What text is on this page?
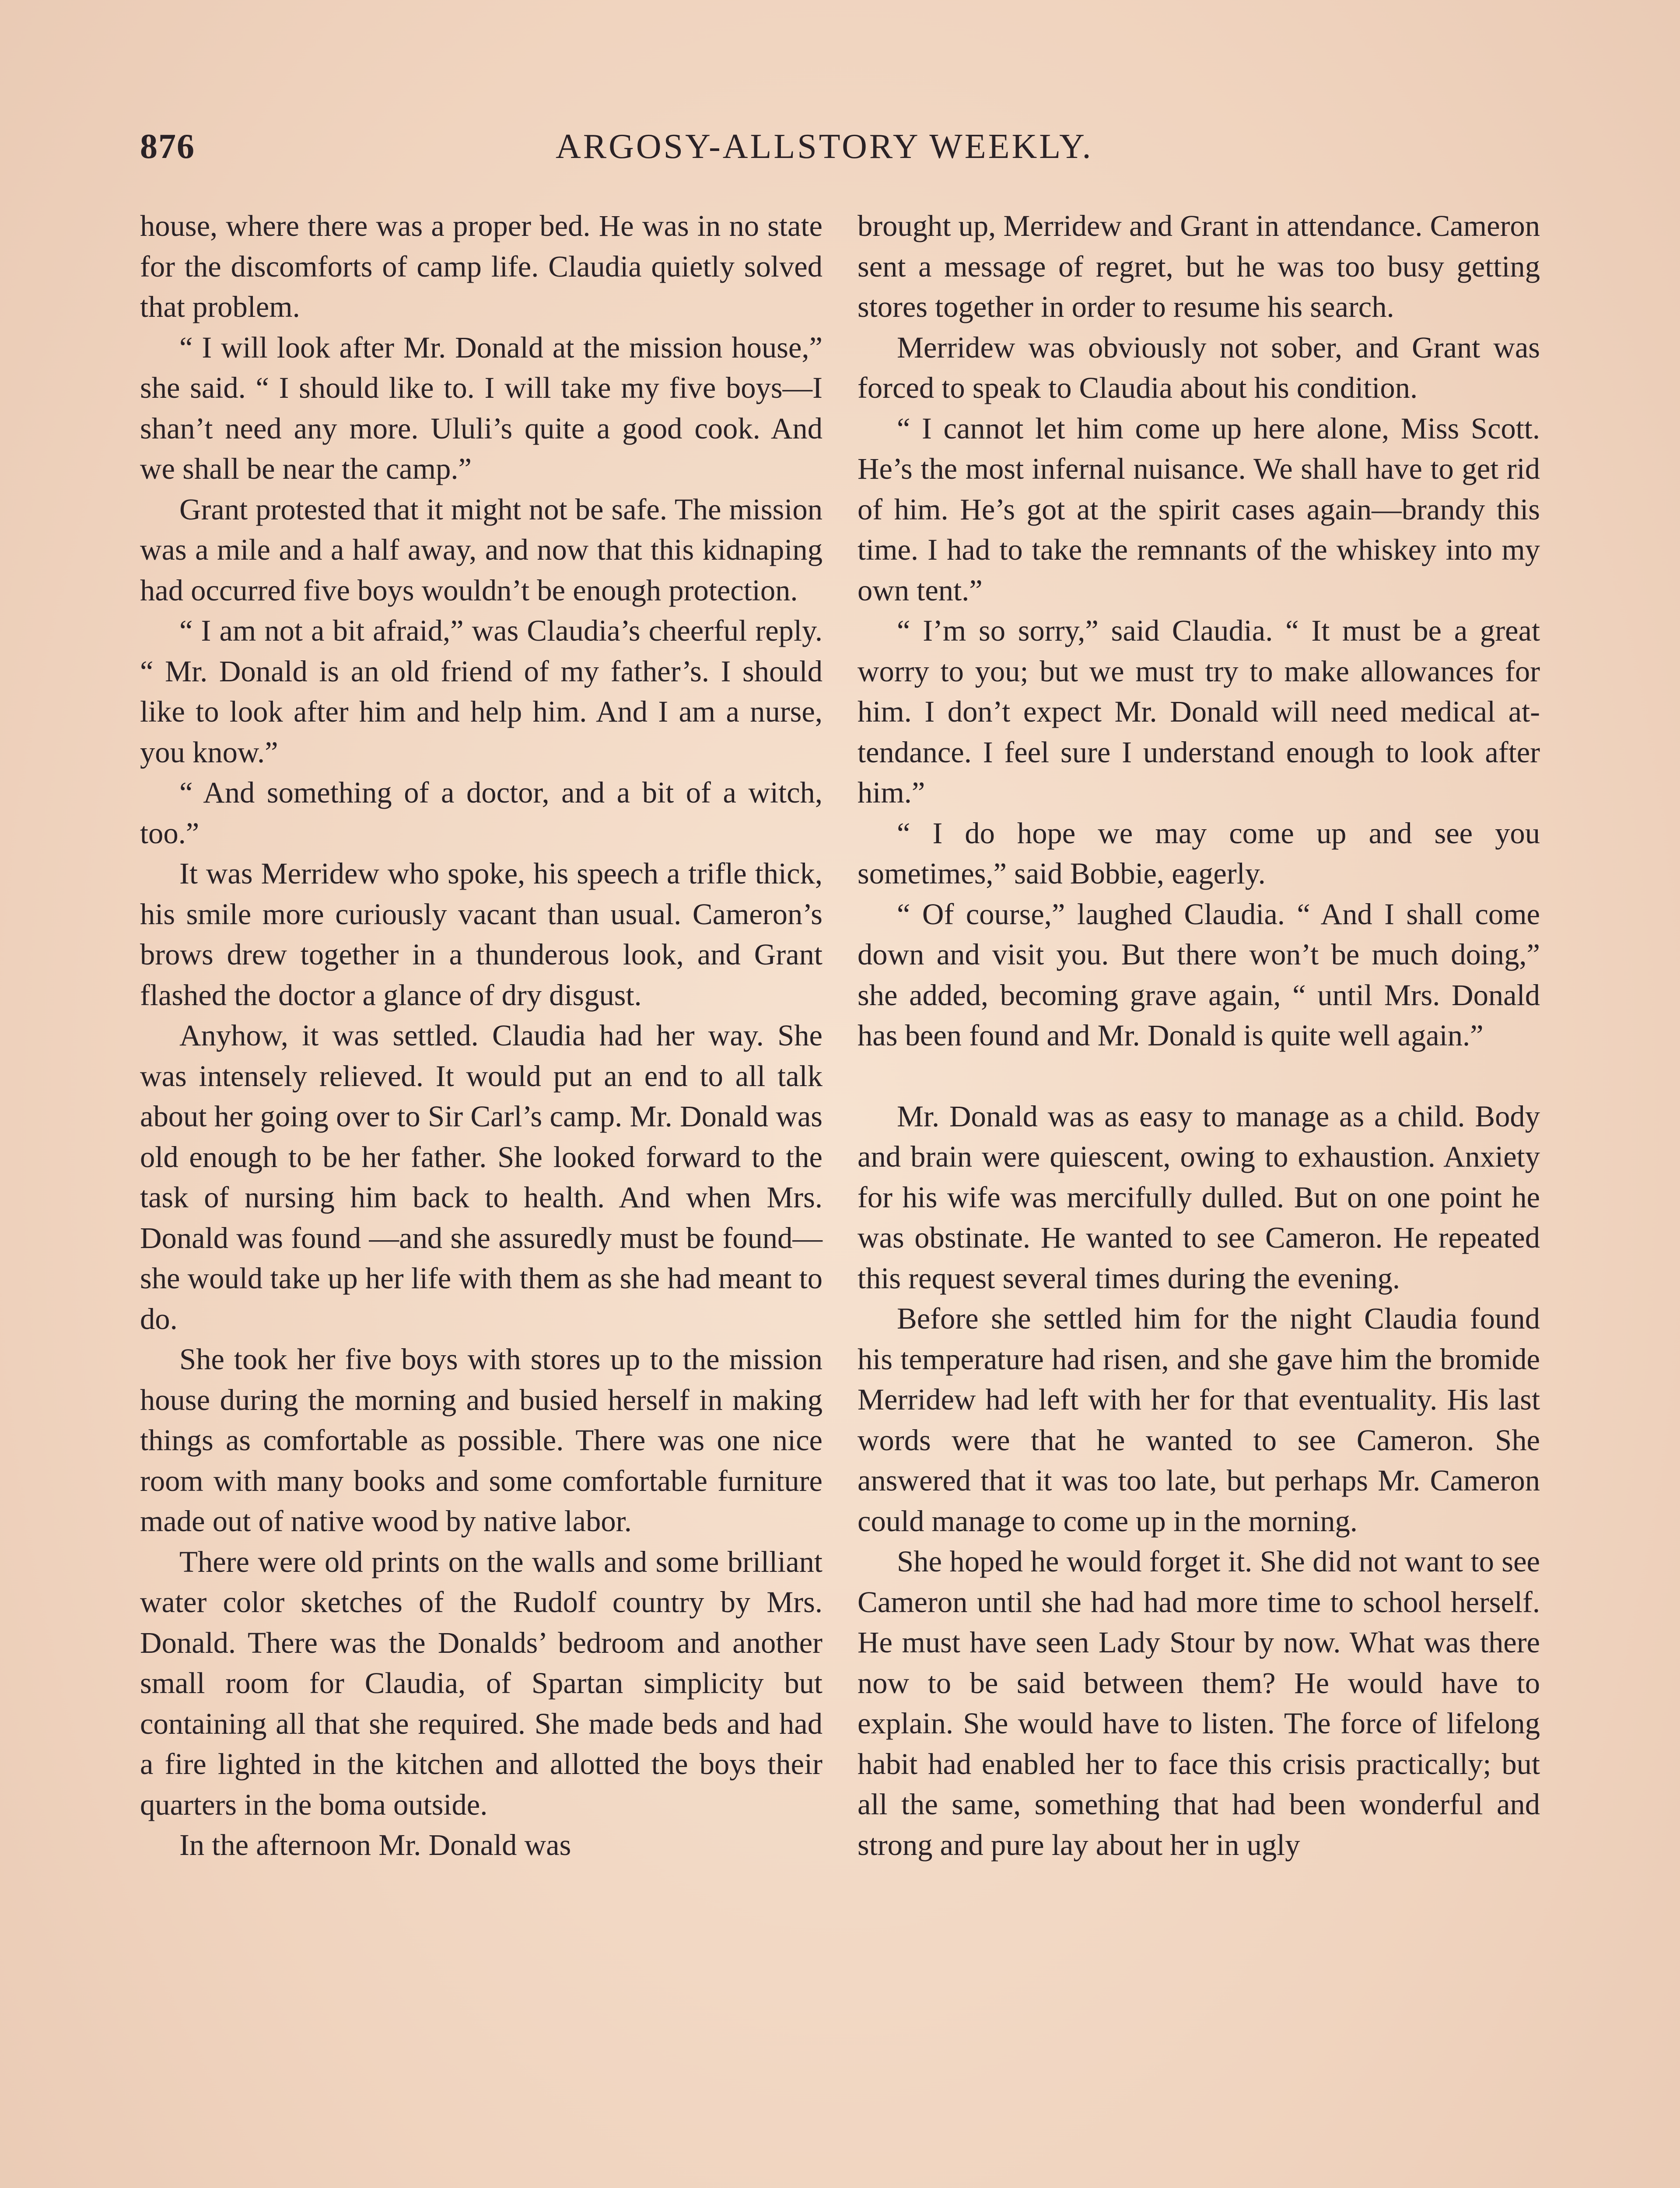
876	ARGOSY-ALLSTORY WEEKLY.

house, where there was a proper bed. He was in no state for the discomforts of camp life. Claudia quietly solved that problem.

“ I will look after Mr. Donald at the mission house,” she said. “ I should like to. I will take my five boys—I shan’t need any more. Ululi’s quite a good cook. And we shall be near the camp.”

Grant protested that it might not be safe. The mission was a mile and a half away, and now that this kidnaping had occurred five boys wouldn’t be enough protection.

“ I am not a bit afraid,” was Claudia’s cheerful reply. “ Mr. Donald is an old friend of my father’s. I should like to look after him and help him. And I am a nurse, you know.”

“ And something of a doctor, and a bit of a witch, too.”

It was Merridew who spoke, his speech a trifle thick, his smile more curiously vacant than usual. Cameron’s brows drew together in a thunderous look, and Grant flashed the doctor a glance of dry disgust.

Anyhow, it was settled. Claudia had her way. She was intensely relieved. It would put an end to all talk about her going over to Sir Carl’s camp. Mr. Donald was old enough to be her father. She looked forward to the task of nursing him back to health. And when Mrs. Donald was found —and she assuredly must be found—she would take up her life with them as she had meant to do.

She took her five boys with stores up to the mission house during the morning and busied herself in making things as comfortable as possible. There was one nice room with many books and some comfortable furniture made out of native wood by native labor.

There were old prints on the walls and some brilliant water color sketches of the Rudolf country by Mrs. Donald. There was the Donalds’ bedroom and another small room for Claudia, of Spartan simplicity but containing all that she required. She made beds and had a fire lighted in the kitchen and allotted the boys their quarters in the boma outside.

In the afternoon Mr. Donald was

brought up, Merridew and Grant in attendance. Cameron sent a message of regret, but he was too busy getting stores together in order to resume his search.

Merridew was obviously not sober, and Grant was forced to speak to Claudia about his condition.

“ I cannot let him come up here alone, Miss Scott. He’s the most infernal nuisance. We shall have to get rid of him. He’s got at the spirit cases again—brandy this time. I had to take the remnants of the whiskey into my own tent.”

“ I’m so sorry,” said Claudia. “ It must be a great worry to you; but we must try to make allowances for him. I don’t expect Mr. Donald will need medical attendance. I feel sure I understand enough to look after him.”

“ I do hope we may come up and see you sometimes,” said Bobbie, eagerly.

“ Of course,” laughed Claudia. “ And I shall come down and visit you. But there won’t be much doing,” she added, becoming grave again, “ until Mrs. Donald has been found and Mr. Donald is quite well again.”

Mr. Donald was as easy to manage as a child. Body and brain were quiescent, owing to exhaustion. Anxiety for his wife was mercifully dulled. But on one point he was obstinate. He wanted to see Cameron. He repeated this request several times during the evening.

Before she settled him for the night Claudia found his temperature had risen, and she gave him the bromide Merridew had left with her for that eventuality. His last words were that he wanted to see Cameron. She answered that it was too late, but perhaps Mr. Cameron could manage to come up in the morning.

She hoped he would forget it. She did not want to see Cameron until she had had more time to school herself. He must have seen Lady Stour by now. What was there now to be said between them? He would have to explain. She would have to listen. The force of lifelong habit had enabled her to face this crisis practically; but all the same, something that had been wonderful and strong and pure lay about her in ugly
